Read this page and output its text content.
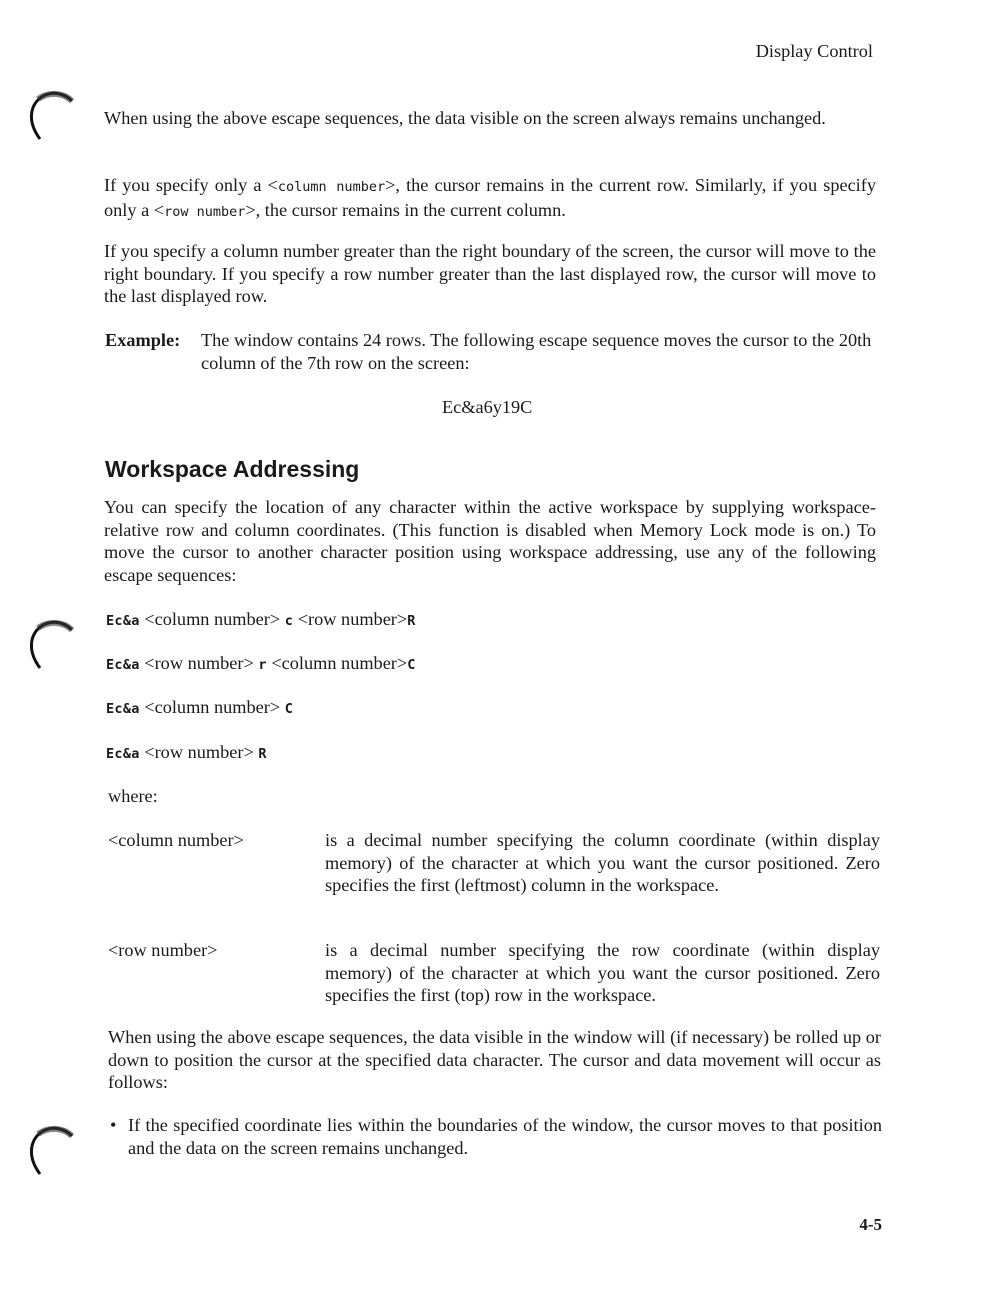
Display Control
When using the above escape sequences, the data visible on the screen always remains unchanged.
If you specify only a <column number>, the cursor remains in the current row. Similarly, if you specify only a <row number>, the cursor remains in the current column.
If you specify a column number greater than the right boundary of the screen, the cursor will move to the right boundary. If you specify a row number greater than the last displayed row, the cursor will move to the last displayed row.
Example: The window contains 24 rows. The following escape sequence moves the cursor to the 20th column of the 7th row on the screen:
Ec&a6y19C
Workspace Addressing
You can specify the location of any character within the active workspace by supplying workspace-relative row and column coordinates. (This function is disabled when Memory Lock mode is on.) To move the cursor to another character position using workspace addressing, use any of the following escape sequences:
Ec&a <column number> c <row number>R
Ec&a <row number> r <column number>C
Ec&a <column number> C
Ec&a <row number> R
where:
<column number>	is a decimal number specifying the column coordinate (within display memory) of the character at which you want the cursor positioned. Zero specifies the first (leftmost) column in the workspace.
<row number>	is a decimal number specifying the row coordinate (within display memory) of the character at which you want the cursor positioned. Zero specifies the first (top) row in the workspace.
When using the above escape sequences, the data visible in the window will (if necessary) be rolled up or down to position the cursor at the specified data character. The cursor and data movement will occur as follows:
• If the specified coordinate lies within the boundaries of the window, the cursor moves to that position and the data on the screen remains unchanged.
4-5
